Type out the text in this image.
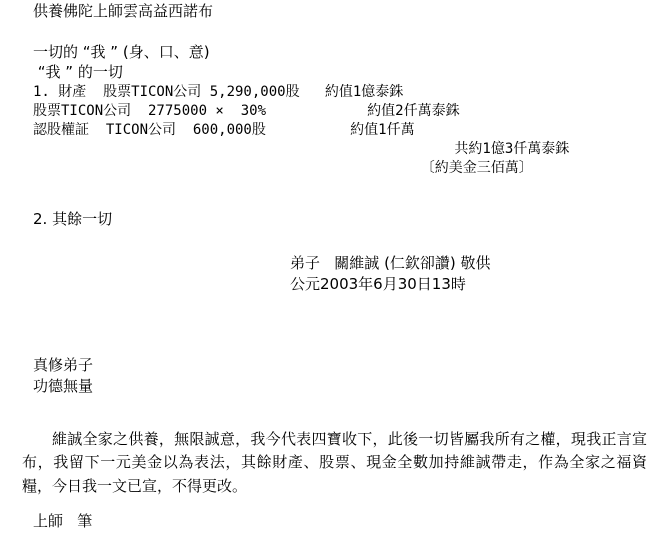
供養佛陀上師雲高益西諾布
一切的 “我 ” (身、口、意)
“我 ” 的一切
1. 財產  股票TICON公司 5,290,000股   約值1億泰銖
股票TICON公司  2775000 ×  30%            約值2仟萬泰銖
認股權証  TICON公司  600,000股          約值1仟萬
共約1億3仟萬泰銖
〔約美金三佰萬〕
2. 其餘一切
弟子   關維誠 (仁欽卻讚) 敬供
公元2003年6月30日13時
真修弟子
功德無量
維誠全家之供養，無限誠意，我今代表四寶收下，此後一切皆屬我所有之權，現我正言宣布，我留下一元美金以為表法，其餘財產、股票、現金全數加持維誠帶走，作為全家之福資糧，今日我一文已宣，不得更改。
上師   筆
